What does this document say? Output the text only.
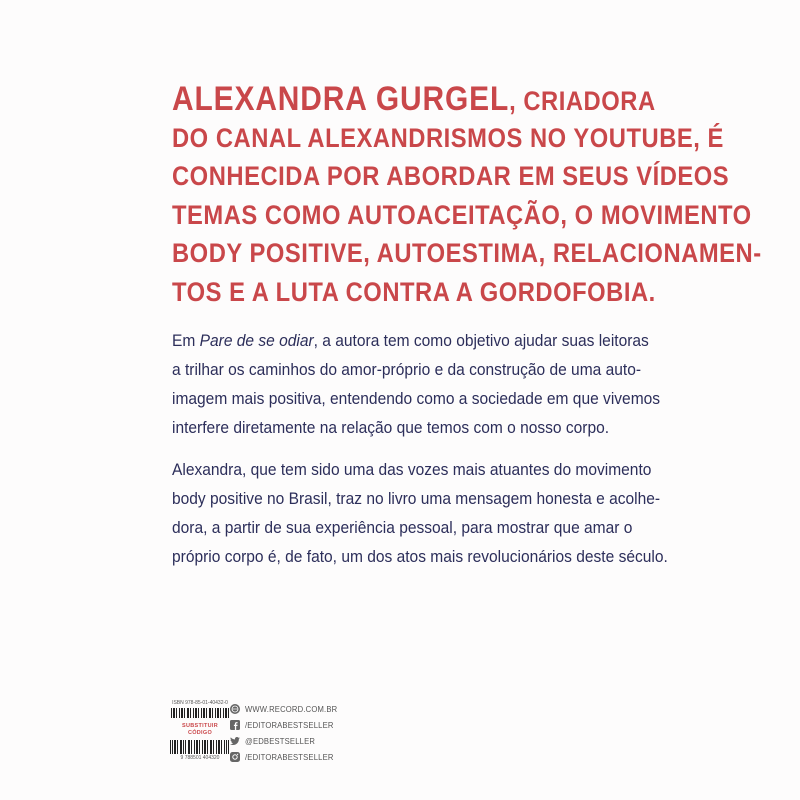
ALEXANDRA GURGEL, CRIADORA
DO CANAL ALEXANDRISMOS NO YOUTUBE, É
CONHECIDA POR ABORDAR EM SEUS VÍDEOS
TEMAS COMO AUTOACEITAÇÃO, O MOVIMENTO
BODY POSITIVE, AUTOESTIMA, RELACIONAMEN-
TOS E A LUTA CONTRA A GORDOFOBIA.
Em Pare de se odiar, a autora tem como objetivo ajudar suas leitoras
a trilhar os caminhos do amor-próprio e da construção de uma auto-
imagem mais positiva, entendendo como a sociedade em que vivemos
interfere diretamente na relação que temos com o nosso corpo.
Alexandra, que tem sido uma das vozes mais atuantes do movimento
body positive no Brasil, traz no livro uma mensagem honesta e acolhe-
dora, a partir de sua experiência pessoal, para mostrar que amar o
próprio corpo é, de fato, um dos atos mais revolucionários deste século.
ISBN 978-85-01-40432-0
SUBSTITUIR
CÓDIGO
9 788501 404320
WWW.RECORD.COM.BR
/EDITORABESTSELLER
@EDBESTSELLER
/EDITORABESTSELLER
